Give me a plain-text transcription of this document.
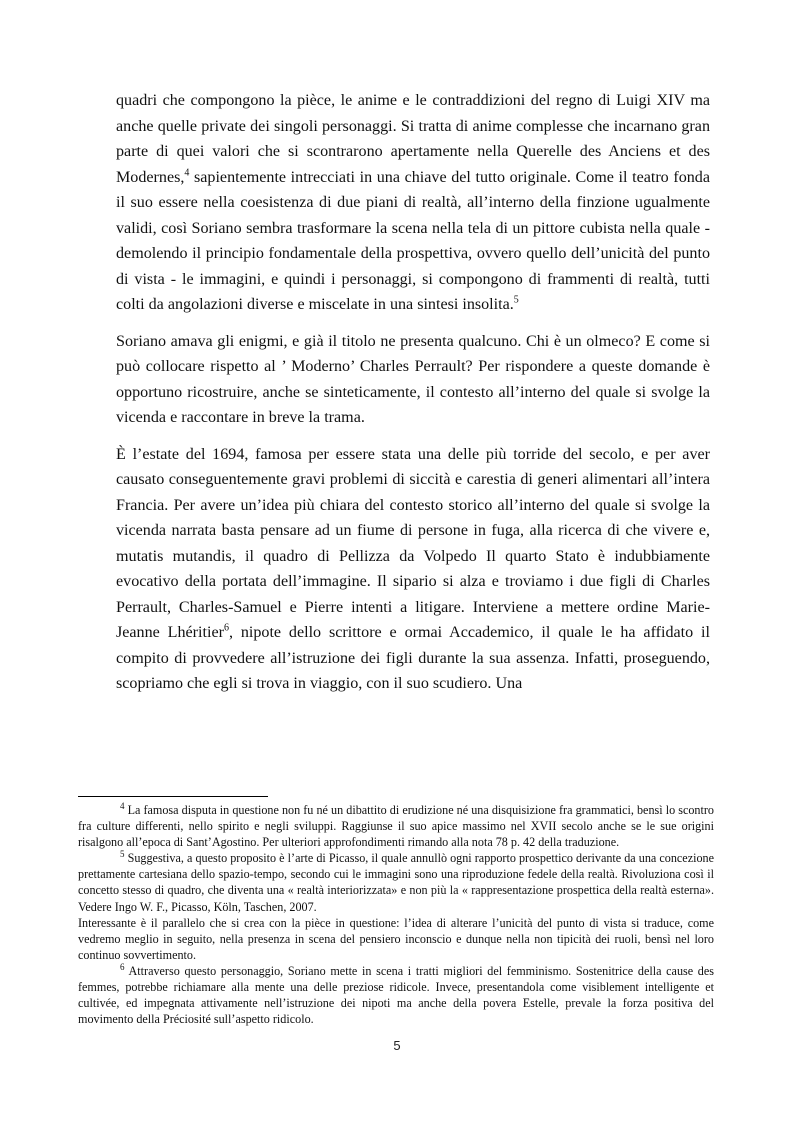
quadri che compongono la pièce, le anime e le contraddizioni del regno di Luigi XIV ma anche quelle private dei singoli personaggi. Si tratta di anime complesse che incarnano gran parte di quei valori che si scontrarono apertamente nella Querelle des Anciens et des Modernes,$^4$ sapientemente intrecciati in una chiave del tutto originale. Come il teatro fonda il suo essere nella coesistenza di due piani di realtà, all’interno della finzione ugualmente validi, così Soriano sembra trasformare la scena nella tela di un pittore cubista nella quale - demolendo il principio fondamentale della prospettiva, ovvero quello dell’unicità del punto di vista - le immagini, e quindi i personaggi, si compongono di frammenti di realtà, tutti colti da angolazioni diverse e miscelate in una sintesi insolita.$^5$

Soriano amava gli enigmi, e già il titolo ne presenta qualcuno. Chi è un olmeco? E come si può collocare rispetto al ’ Moderno’ Charles Perrault? Per rispondere a queste domande è opportuno ricostruire, anche se sinteticamente, il contesto all’interno del quale si svolge la vicenda e raccontare in breve la trama.

È l’estate del 1694, famosa per essere stata una delle più torride del secolo, e per aver causato conseguentemente gravi problemi di siccità e carestia di generi alimentari all’intera Francia. Per avere un’idea più chiara del contesto storico all’interno del quale si svolge la vicenda narrata basta pensare ad un fiume di persone in fuga, alla ricerca di che vivere e, mutatis mutandis, il quadro di Pellizza da Volpedo Il quarto Stato è indubbiamente evocativo della portata dell’immagine. Il sipario si alza e troviamo i due figli di Charles Perrault, Charles-Samuel e Pierre intenti a litigare. Interviene a mettere ordine Marie-Jeanne Lhéritier$^6$, nipote dello scrittore e ormai Accademico, il quale le ha affidato il compito di provvedere all’istruzione dei figli durante la sua assenza. Infatti, proseguendo, scopriamo che egli si trova in viaggio, con il suo scudiero. Una

$^4$ La famosa disputa in questione non fu né un dibattito di erudizione né una disquisizione fra grammatici, bensì lo scontro fra culture differenti, nello spirito e negli sviluppi. Raggiunse il suo apice massimo nel XVII secolo anche se le sue origini risalgono all’epoca di Sant’Agostino. Per ulteriori approfondimenti rimando alla nota 78 p. 42 della traduzione.

$^5$ Suggestiva, a questo proposito è l’arte di Picasso, il quale annullò ogni rapporto prospettico derivante da una concezione prettamente cartesiana dello spazio-tempo, secondo cui le immagini sono una riproduzione fedele della realtà. Rivoluziona così il concetto stesso di quadro, che diventa una « realtà interiorizzata» e non più la « rappresentazione prospettica della realtà esterna». Vedere Ingo W. F., Picasso, Köln, Taschen, 2007.

Interessante è il parallelo che si crea con la pièce in questione: l’idea di alterare l’unicità del punto di vista si traduce, come vedremo meglio in seguito, nella presenza in scena del pensiero inconscio e dunque nella non tipicità dei ruoli, bensì nel loro continuo sovvertimento.

$^6$ Attraverso questo personaggio, Soriano mette in scena i tratti migliori del femminismo. Sostenitrice della cause des femmes, potrebbe richiamare alla mente una delle preziose ridicole. Invece, presentandola come visiblement intelligente et cultivée, ed impegnata attivamente nell’istruzione dei nipoti ma anche della povera Estelle, prevale la forza positiva del movimento della Préciosité sull’aspetto ridicolo.

5
